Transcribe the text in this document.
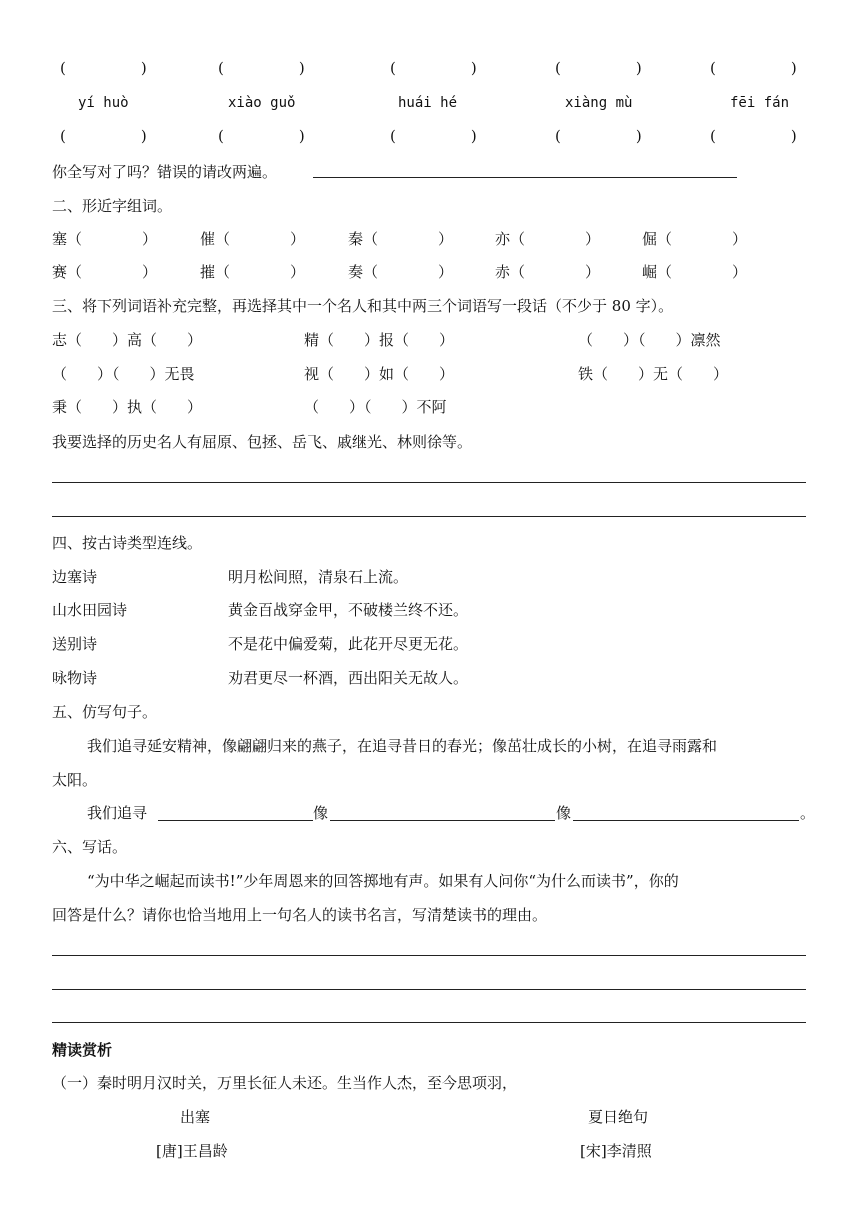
(　　　　　)	(　　　　　)	(　　　　　)	(　　　　　)	(　　　　　)
yí huò	xiào guǒ	huái hé	xiàng mù	fēi fán
(　　　　　)	(　　　　　)	(　　　　　)	(　　　　　)	(　　　　　)
你全写对了吗？错误的请改两遍。
二、形近字组词。
塞（　　　　）	催（　　　　）	秦（　　　　）	亦（　　　　）	倔（　　　　）
赛（　　　　）	摧（　　　　）	奏（　　　　）	赤（　　　　）	崛（　　　　）
三、将下列词语补充完整，再选择其中一个名人和其中两三个词语写一段话（不少于 80 字）。
志（　　）高（　　）	精（　　）报（　　）	（　　）（　　）凛然
（　　）（　　）无畏	视（　　）如（　　）	铁（　　）无（　　）
秉（　　）执（　　）	（　　）（　　）不阿
我要选择的历史名人有屈原、包拯、岳飞、戚继光、林则徐等。
四、按古诗类型连线。
边塞诗	明月松间照，清泉石上流。
山水田园诗	黄金百战穿金甲，不破楼兰终不还。
送别诗	不是花中偏爱菊，此花开尽更无花。
咏物诗	劝君更尽一杯酒，西出阳关无故人。
五、仿写句子。
我们追寻延安精神，像翩翩归来的燕子，在追寻昔日的春光；像茁壮成长的小树，在追寻雨露和
太阳。
我们追寻	像	像	。
六、写话。
“为中华之崛起而读书!”少年周恩来的回答掷地有声。如果有人问你“为什么而读书”，你的
回答是什么？请你也恰当地用上一句名人的读书名言，写清楚读书的理由。
精读赏析
（一）秦时明月汉时关，万里长征人未还。生当作人杰，至今思项羽，
出塞
[唐]王昌龄
夏日绝句
[宋]李清照
